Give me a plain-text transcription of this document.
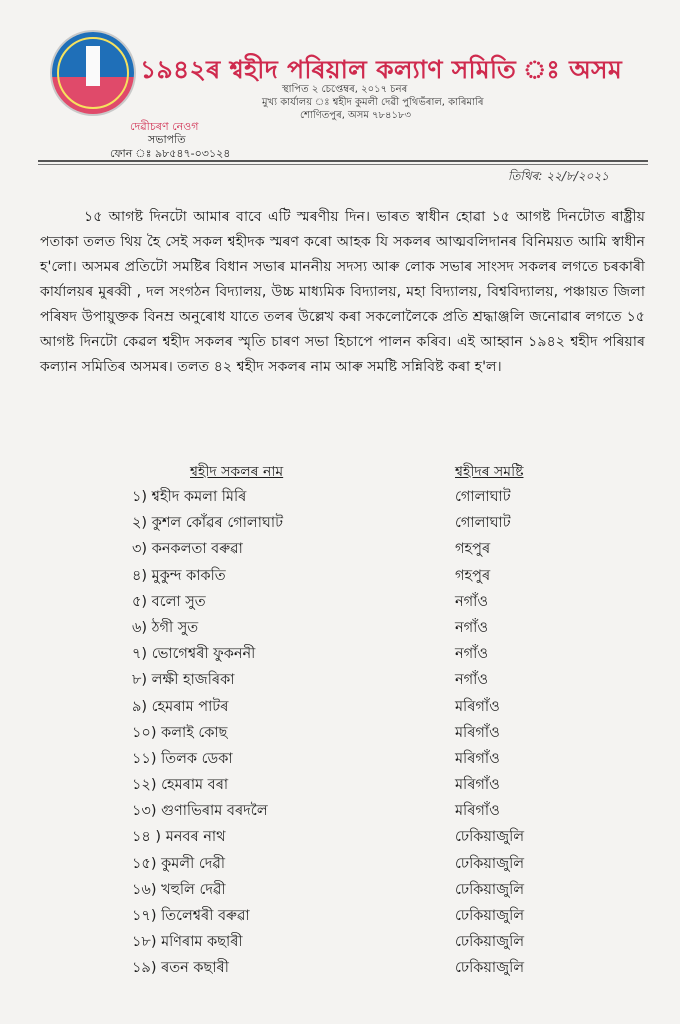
১৯৪২ৰ শ্বহীদ পৰিয়াল কল্যাণ সমিতি ঃ অসম
স্থাপিত ২ চেপ্তেম্বৰ, ২০১৭ চনৰ
মুখ্য কাৰ্যালয় ঃ শ্বহীদ কুমলী দেৱী পুথিভঁৰাল, কাৰিমাৰি
শোণিতপুৰ, অসম ৭৮৪১৮৩
দেৱীচৰণ নেওগ
সভাপতি
ফোন ঃ ৯৮৫৪৭-০৩১২৪
তিথিৰ: ২২/৮/২০২১
১৫ আগষ্ট দিনটো আমাৰ বাবে এটি স্মৰণীয় দিন। ভাৰত স্বাধীন হোৱা ১৫ আগষ্ট দিনটোত ৰাষ্ট্ৰীয় পতাকা তলত থিয় হৈ সেই সকল শ্বহীদক স্মৰণ কৰো আহক যি সকলৰ আত্মবলিদানৰ বিনিময়ত আমি স্বাধীন হ'লো। অসমৰ প্ৰতিটো সমষ্টিৰ বিধান সভাৰ মাননীয় সদস্য আৰু লোক সভাৰ সাংসদ সকলৰ লগতে চৰকাৰী কাৰ্যালয়ৰ মুৰব্বী , দল সংগঠন বিদ্যালয়, উচ্চ মাধ্যমিক বিদ্যালয়, মহা বিদ্যালয়, বিশ্ববিদ্যালয়, পঞ্চায়ত জিলা পৰিষদ উপায়ুক্তক বিনম্ৰ অনুৰোধ যাতে তলৰ উল্লেখ কৰা সকলোলৈকে প্ৰতি শ্ৰদ্ধাঞ্জলি জনোৱাৰ লগতে ১৫ আগষ্ট দিনটো কেৱল শ্বহীদ সকলৰ স্মৃতি চাৰণ সভা হিচাপে পালন কৰিব। এই আহ্বান ১৯৪২ শ্বহীদ পৰিয়াৰ কল্যান সমিতিৰ অসমৰ। তলত ৪২ শ্বহীদ সকলৰ নাম আৰু সমষ্টি সন্নিবিষ্ট কৰা হ'ল।
শ্বহীদ সকলৰ নাম	শ্বহীদৰ সমষ্টি
১) শ্বহীদ কমলা মিৰি	গোলাঘাট
২) কুশল কোঁৱৰ গোলাঘাট	গোলাঘাট
৩) কনকলতা বৰুৱা	গহপুৰ
৪) মুকুন্দ কাকতি	গহপুৰ
৫) বলো সুত	নগাঁও
৬) ঠগী সুত	নগাঁও
৭) ভোগেশ্বৰী ফুকননী	নগাঁও
৮) লক্ষী হাজৰিকা	নগাঁও
৯) হেমৰাম পাটৰ	মৰিগাঁও
১০) কলাই কোছ	মৰিগাঁও
১১) তিলক ডেকা	মৰিগাঁও
১২) হেমৰাম বৰা	মৰিগাঁও
১৩) গুণাভিৰাম বৰদলৈ	মৰিগাঁও
১৪ ) মনবৰ নাথ	ঢেকিয়াজুলি
১৫) কুমলী দেৱী	ঢেকিয়াজুলি
১৬) খহুলি দেৱী	ঢেকিয়াজুলি
১৭) তিলেশ্বৰী বৰুৱা	ঢেকিয়াজুলি
১৮) মণিৰাম কছাৰী	ঢেকিয়াজুলি
১৯) ৰতন কছাৰী	ঢেকিয়াজুলি
